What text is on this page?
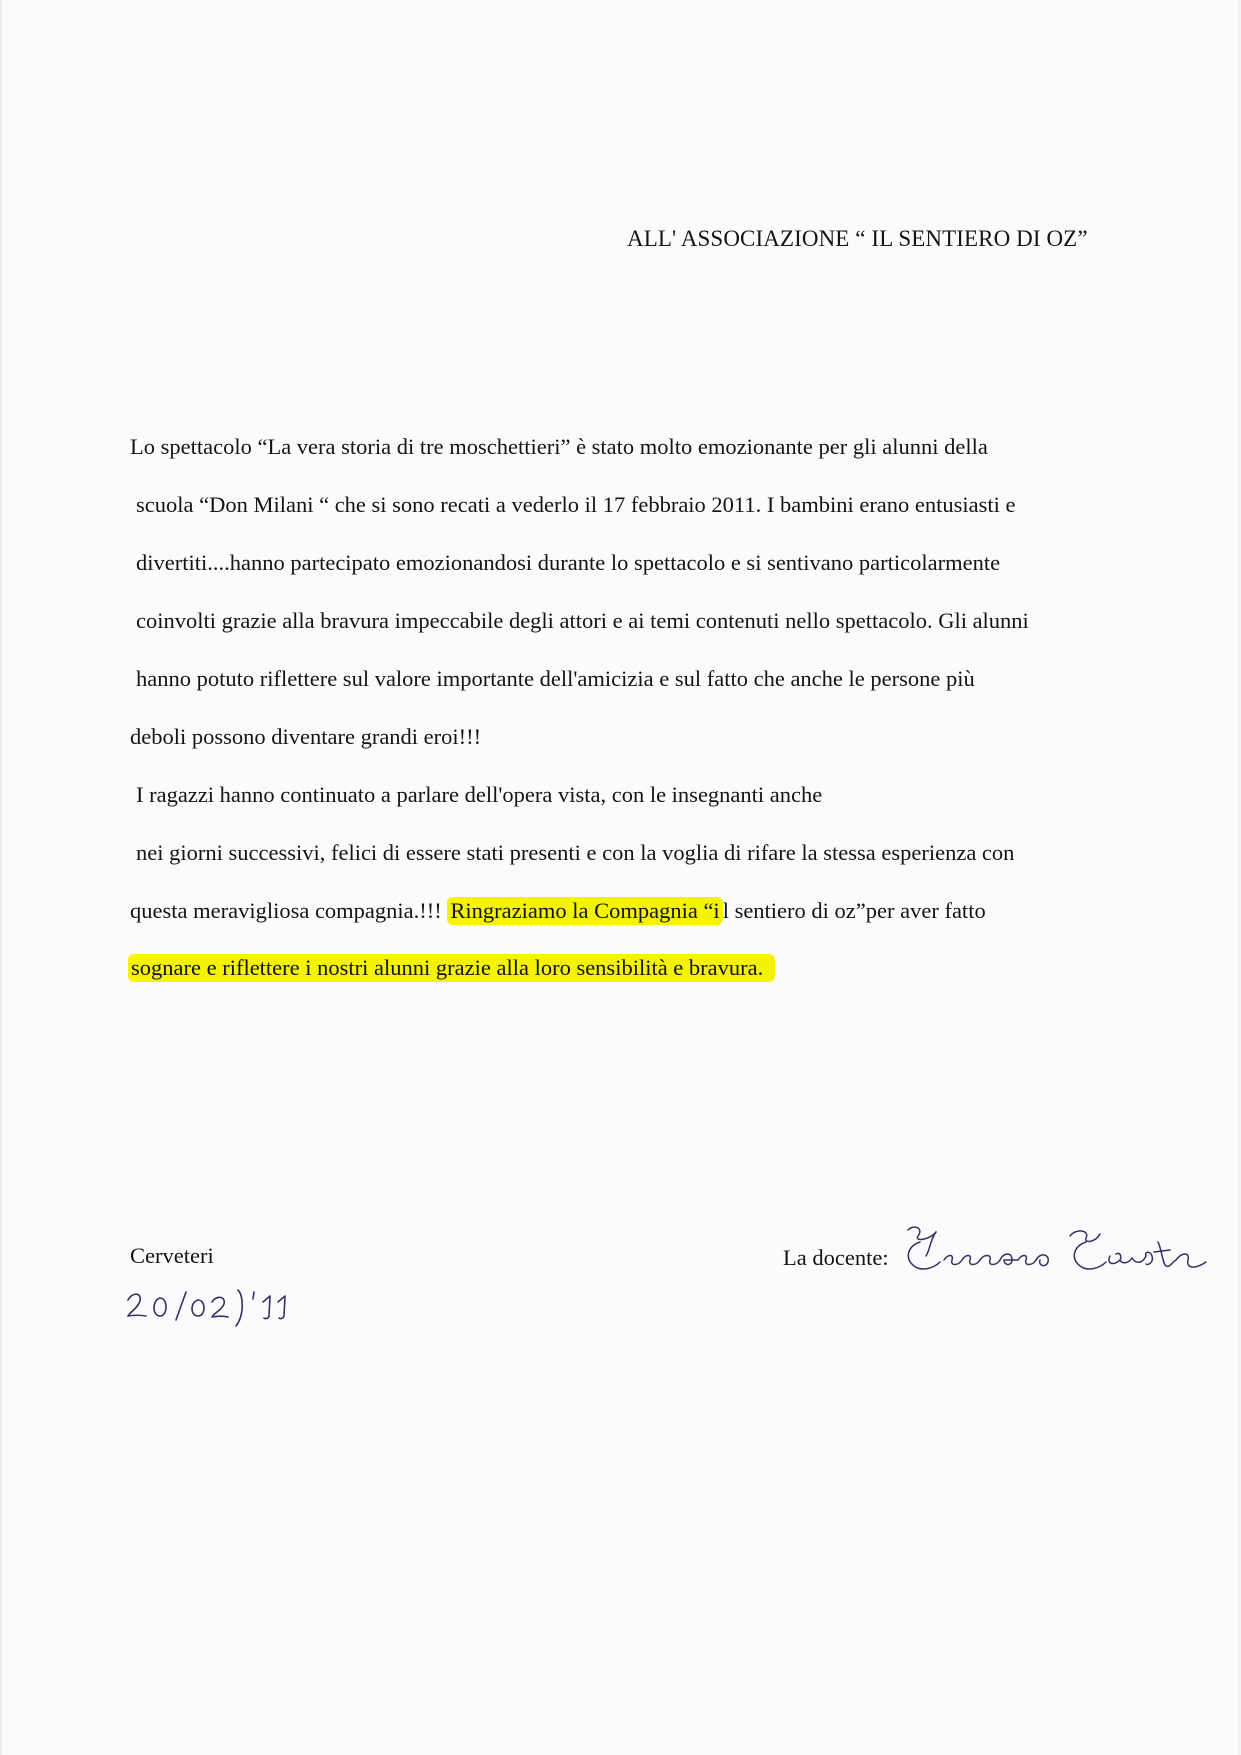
ALL' ASSOCIAZIONE “ IL SENTIERO DI OZ”
Lo spettacolo “La vera storia di tre moschettieri” è stato molto emozionante per gli alunni della
scuola “Don Milani “ che si sono recati a vederlo il 17 febbraio 2011. I bambini erano entusiasti e
divertiti....hanno partecipato emozionandosi durante lo spettacolo e si sentivano particolarmente
coinvolti grazie alla bravura impeccabile degli attori e ai temi contenuti nello spettacolo. Gli alunni
hanno potuto riflettere sul valore importante dell'amicizia e sul fatto che anche le persone più
deboli possono diventare grandi eroi!!!
I ragazzi hanno continuato a parlare dell'opera vista, con le insegnanti anche
nei giorni successivi, felici di essere stati presenti e con la voglia di rifare la stessa esperienza con
questa meravigliosa compagnia.!!! Ringraziamo la Compagnia “i l sentiero di oz”per aver fatto
sognare e riflettere i nostri alunni grazie alla loro sensibilità e bravura.
Cerveteri
20/02/'11
La docente:
Ferraro Fausta
